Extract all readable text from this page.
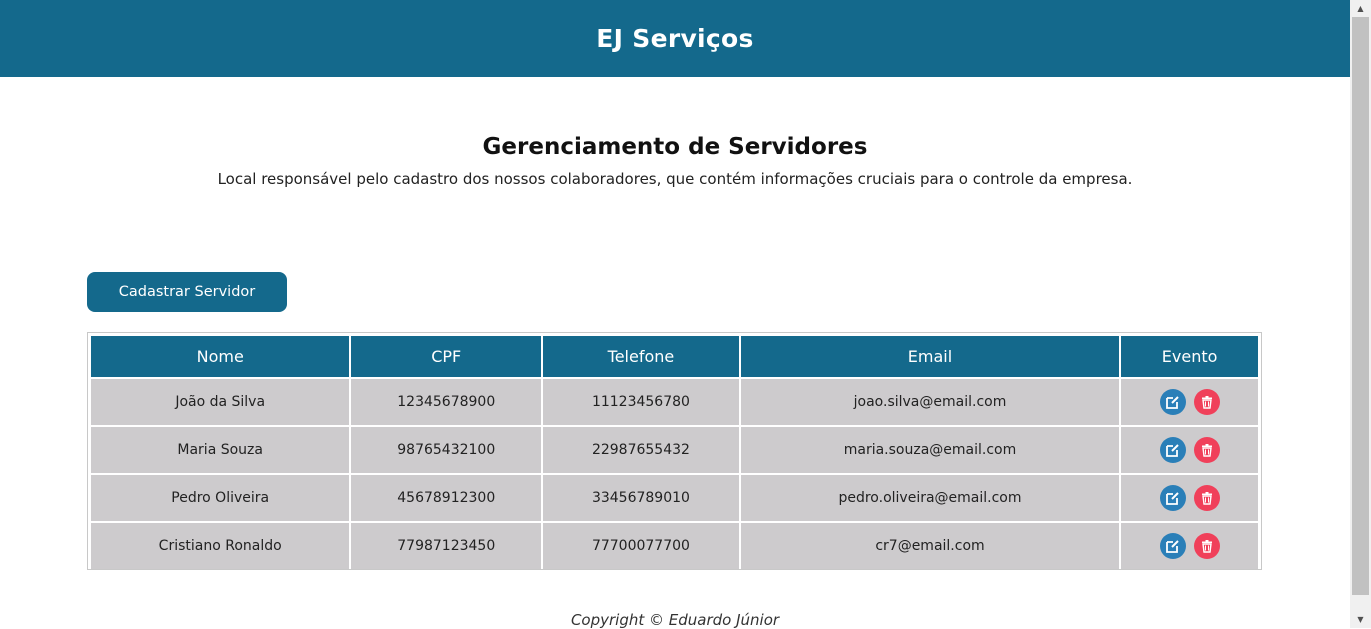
EJ Serviços
Gerenciamento de Servidores

Local responsável pelo cadastro dos nossos colaboradores, que contém informações cruciais para o controle da empresa.

Cadastrar Servidor
Nome	CPF	Telefone	Email	Evento
João da Silva	12345678900	11123456780	joao.silva@email.com	

Maria Souza	98765432100	22987655432	maria.souza@email.com	

Pedro Oliveira	45678912300	33456789010	pedro.oliveira@email.com	

Cristiano Ronaldo	77987123450	77700077700	cr7@email.com	

Copyright © Eduardo Júnior

▲
▼
